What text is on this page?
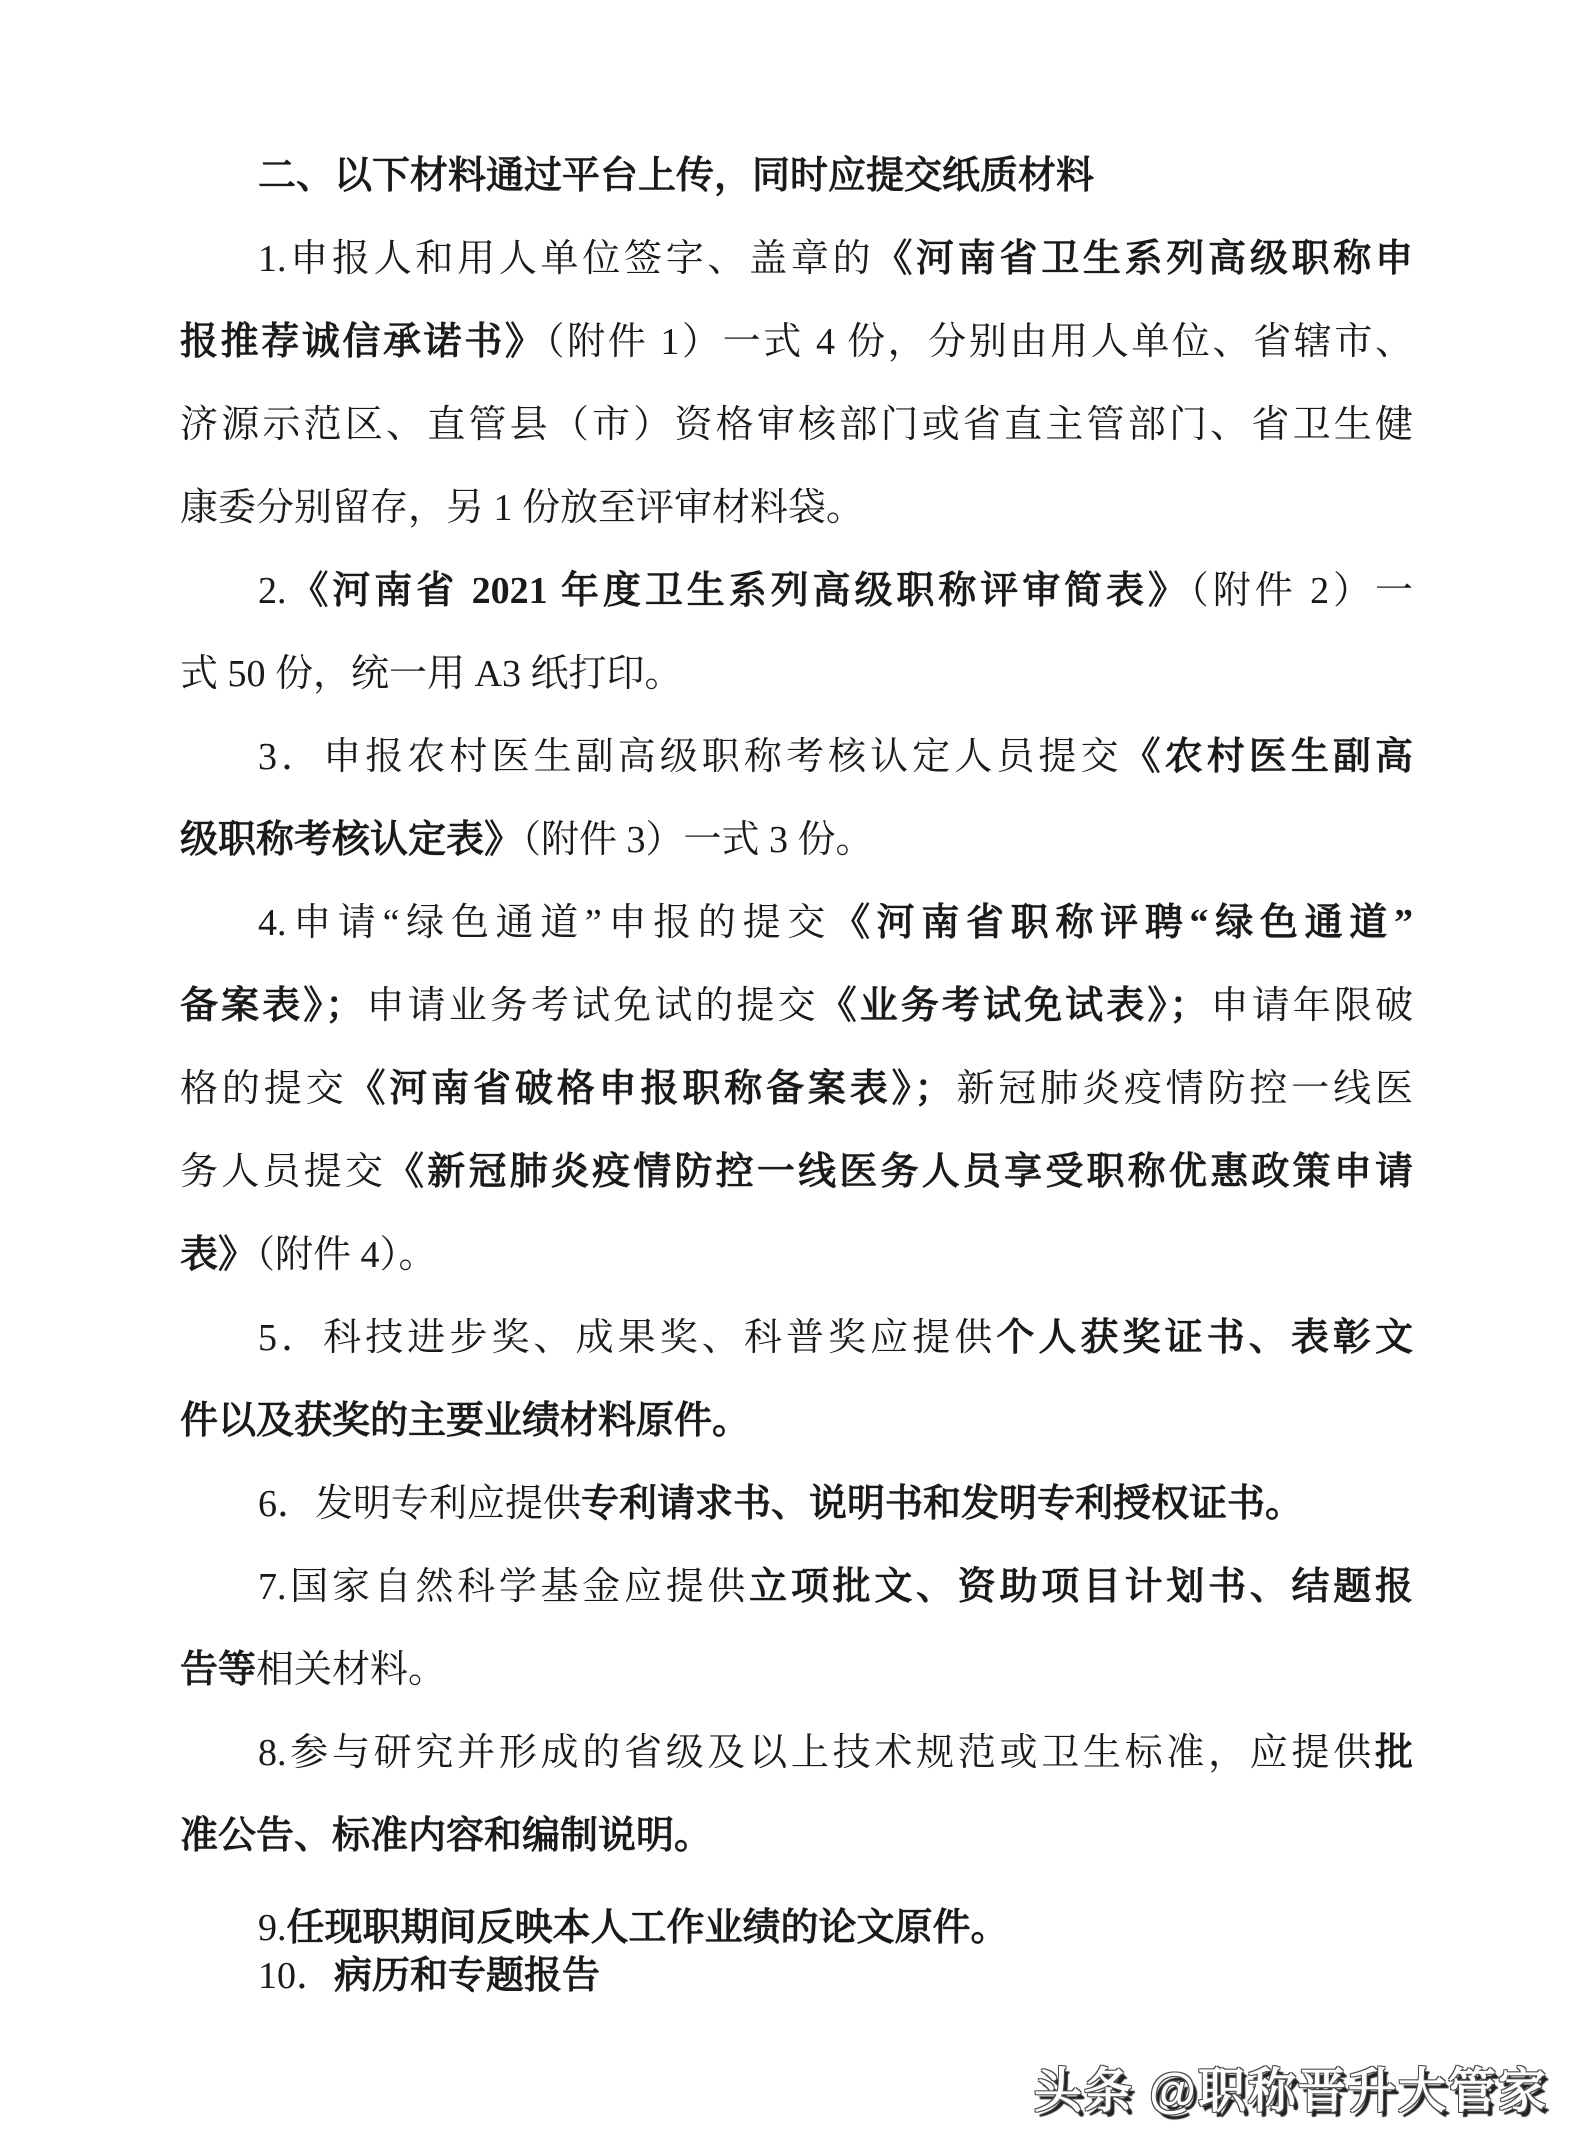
二、以下材料通过平台上传，同时应提交纸质材料
1.申报人和用人单位签字、盖章的《河南省卫生系列高级职称申
报推荐诚信承诺书》（附件 1）一式 4 份，分别由用人单位、省辖市、
济源示范区、直管县（市）资格审核部门或省直主管部门、省卫生健
康委分别留存，另 1 份放至评审材料袋。
2.《河南省 2021 年度卫生系列高级职称评审简表》（附件 2）一
式 50 份，统一用 A3 纸打印。
3．申报农村医生副高级职称考核认定人员提交《农村医生副高
级职称考核认定表》（附件 3）一式 3 份。
4.申请“绿色通道”申报的提交《河南省职称评聘“绿色通道”
备案表》；申请业务考试免试的提交《业务考试免试表》；申请年限破
格的提交《河南省破格申报职称备案表》；新冠肺炎疫情防控一线医
务人员提交《新冠肺炎疫情防控一线医务人员享受职称优惠政策申请
表》（附件 4）。
5．科技进步奖、成果奖、科普奖应提供个人获奖证书、表彰文
件以及获奖的主要业绩材料原件。
6．发明专利应提供专利请求书、说明书和发明专利授权证书。
7.国家自然科学基金应提供立项批文、资助项目计划书、结题报
告等相关材料。
8.参与研究并形成的省级及以上技术规范或卫生标准，应提供批
准公告、标准内容和编制说明。
9.任现职期间反映本人工作业绩的论文原件。
10．病历和专题报告
头条 @职称晋升大管家
